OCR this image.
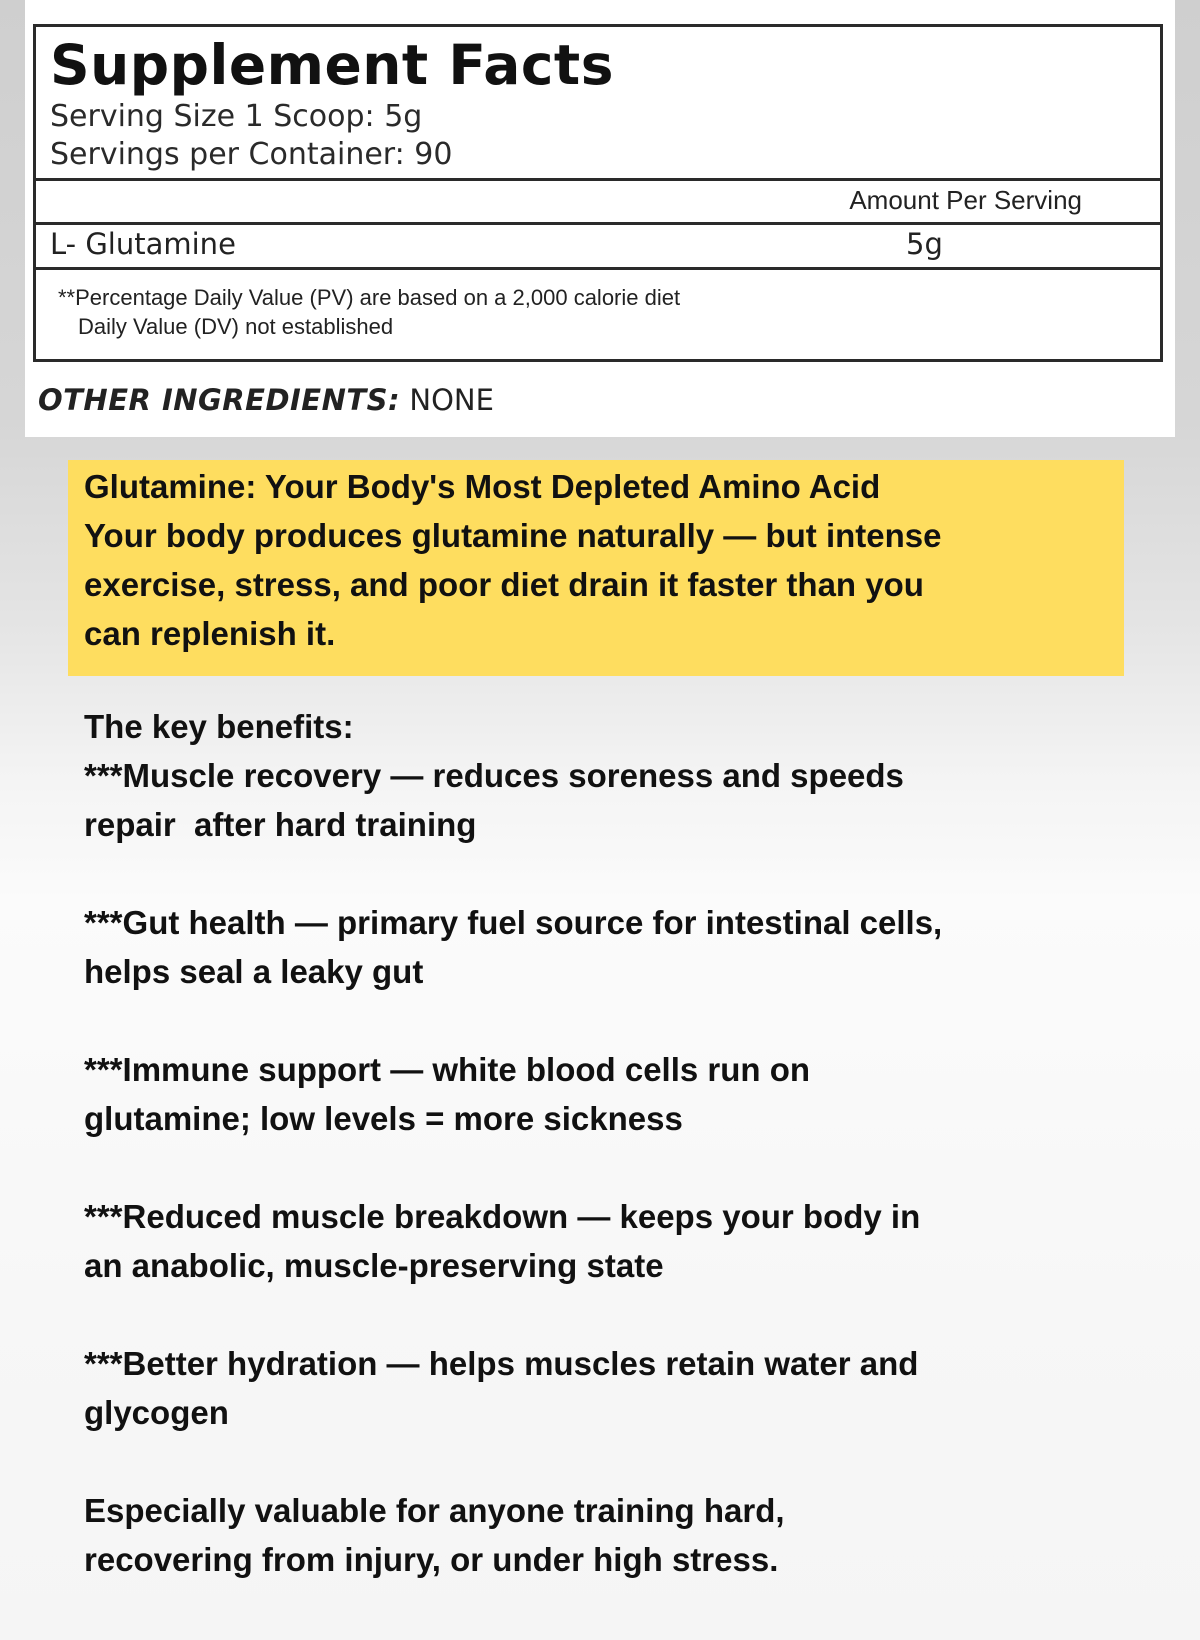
Supplement Facts
Serving Size 1 Scoop: 5g
Servings per Container: 90
Amount Per Serving
L- Glutamine	5g
**Percentage Daily Value (PV) are based on a 2,000 calorie diet
Daily Value (DV) not established
OTHER INGREDIENTS: NONE
Glutamine: Your Body's Most Depleted Amino Acid
Your body produces glutamine naturally — but intense
exercise, stress, and poor diet drain it faster than you
can replenish it.
The key benefits:
***Muscle recovery — reduces soreness and speeds
repair  after hard training
***Gut health — primary fuel source for intestinal cells,
helps seal a leaky gut
***Immune support — white blood cells run on
glutamine; low levels = more sickness
***Reduced muscle breakdown — keeps your body in
an anabolic, muscle-preserving state
***Better hydration — helps muscles retain water and
glycogen
Especially valuable for anyone training hard,
recovering from injury, or under high stress.
